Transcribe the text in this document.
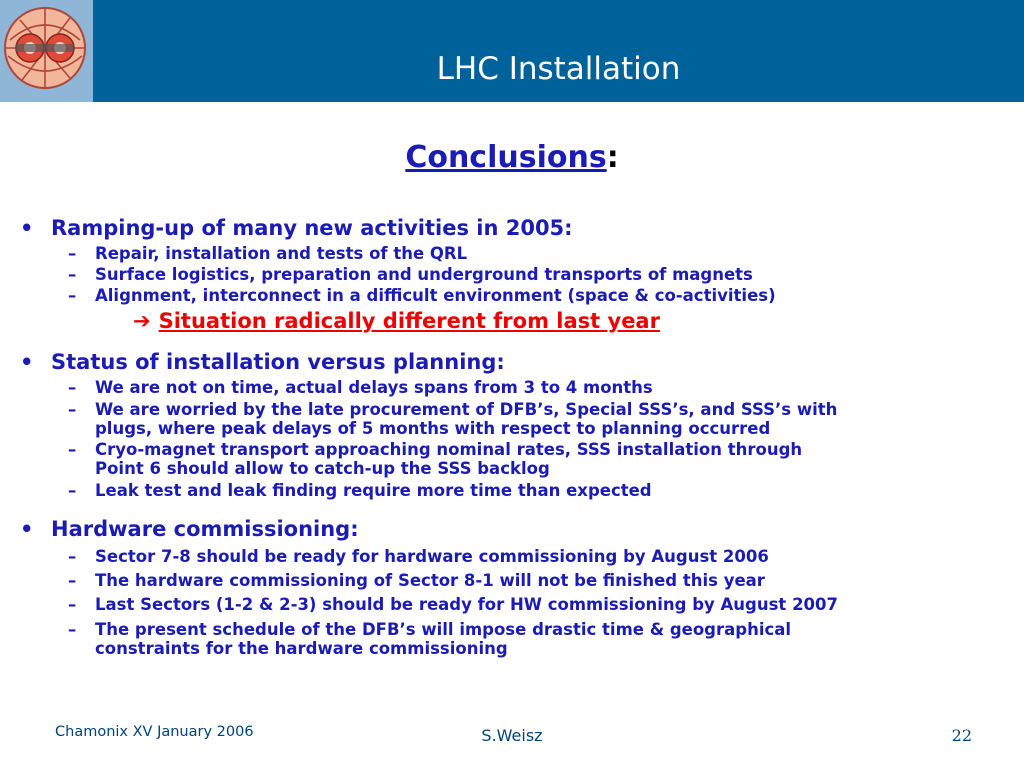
LHC Installation
Conclusions:
• Ramping-up of many new activities in 2005:
– Repair, installation and tests of the QRL
– Surface logistics, preparation and underground transports of magnets
– Alignment, interconnect in a difficult environment (space & co-activities)
➔ Situation radically different from last year
• Status of installation versus planning:
– We are not on time, actual delays spans from 3 to 4 months
– We are worried by the late procurement of DFB’s, Special SSS’s, and SSS’s with
plugs, where peak delays of 5 months with respect to planning occurred
– Cryo-magnet transport approaching nominal rates, SSS installation through
Point 6 should allow to catch-up the SSS backlog
– Leak test and leak finding require more time than expected
• Hardware commissioning:
– Sector 7-8 should be ready for hardware commissioning by August 2006
– The hardware commissioning of Sector 8-1 will not be finished this year
– Last Sectors (1-2 & 2-3) should be ready for HW commissioning by August 2007
– The present schedule of the DFB’s will impose drastic time & geographical
constraints for the hardware commissioning
Chamonix XV January 2006	S.Weisz	22
